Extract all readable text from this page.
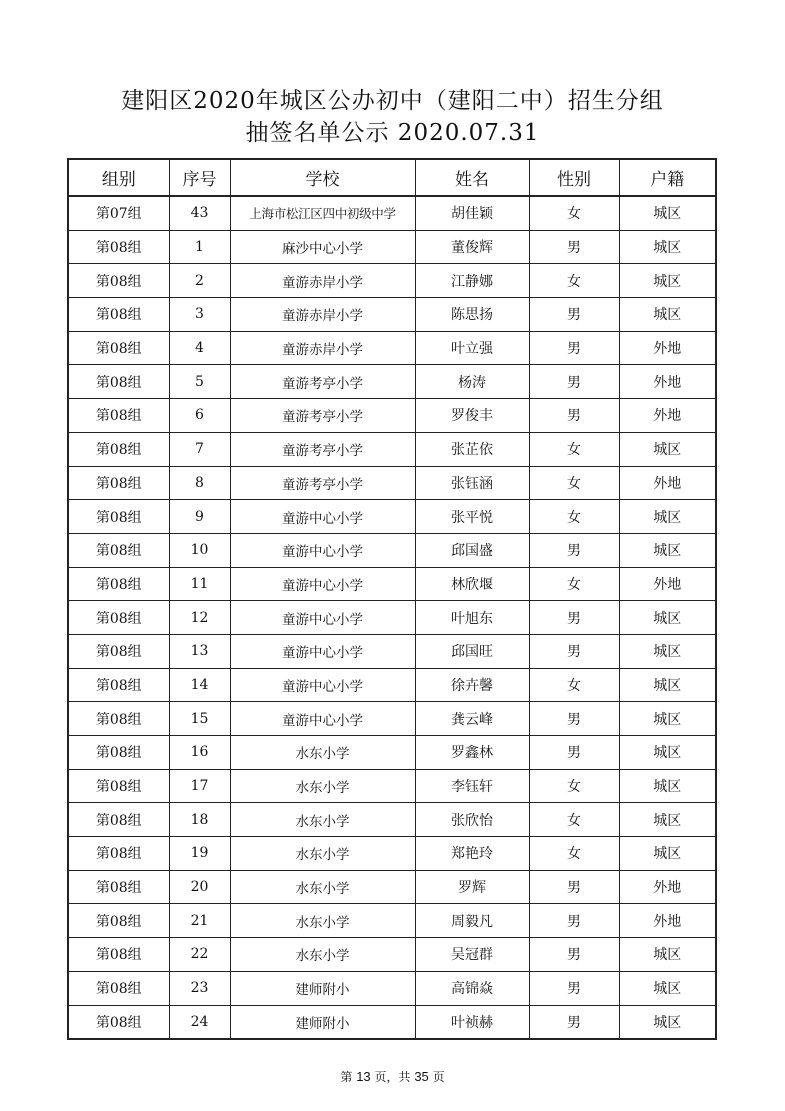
建阳区2020年城区公办初中（建阳二中）招生分组
抽签名单公示 2020.07.31
组别	序号	学校	姓名	性别	户籍
第07组	43	上海市松江区四中初级中学	胡佳颖	女	城区
第08组	1	麻沙中心小学	董俊辉	男	城区
第08组	2	童游赤岸小学	江静娜	女	城区
第08组	3	童游赤岸小学	陈思扬	男	城区
第08组	4	童游赤岸小学	叶立强	男	外地
第08组	5	童游考亭小学	杨涛	男	外地
第08组	6	童游考亭小学	罗俊丰	男	外地
第08组	7	童游考亭小学	张芷依	女	城区
第08组	8	童游考亭小学	张钰涵	女	外地
第08组	9	童游中心小学	张平悦	女	城区
第08组	10	童游中心小学	邱国盛	男	城区
第08组	11	童游中心小学	林欣堰	女	外地
第08组	12	童游中心小学	叶旭东	男	城区
第08组	13	童游中心小学	邱国旺	男	城区
第08组	14	童游中心小学	徐卉馨	女	城区
第08组	15	童游中心小学	龚云峰	男	城区
第08组	16	水东小学	罗鑫林	男	城区
第08组	17	水东小学	李钰轩	女	城区
第08组	18	水东小学	张欣怡	女	城区
第08组	19	水东小学	郑艳玲	女	城区
第08组	20	水东小学	罗辉	男	外地
第08组	21	水东小学	周毅凡	男	外地
第08组	22	水东小学	吴冠群	男	城区
第08组	23	建师附小	高锦焱	男	城区
第08组	24	建师附小	叶祯赫	男	城区
第 13 页，共 35 页
